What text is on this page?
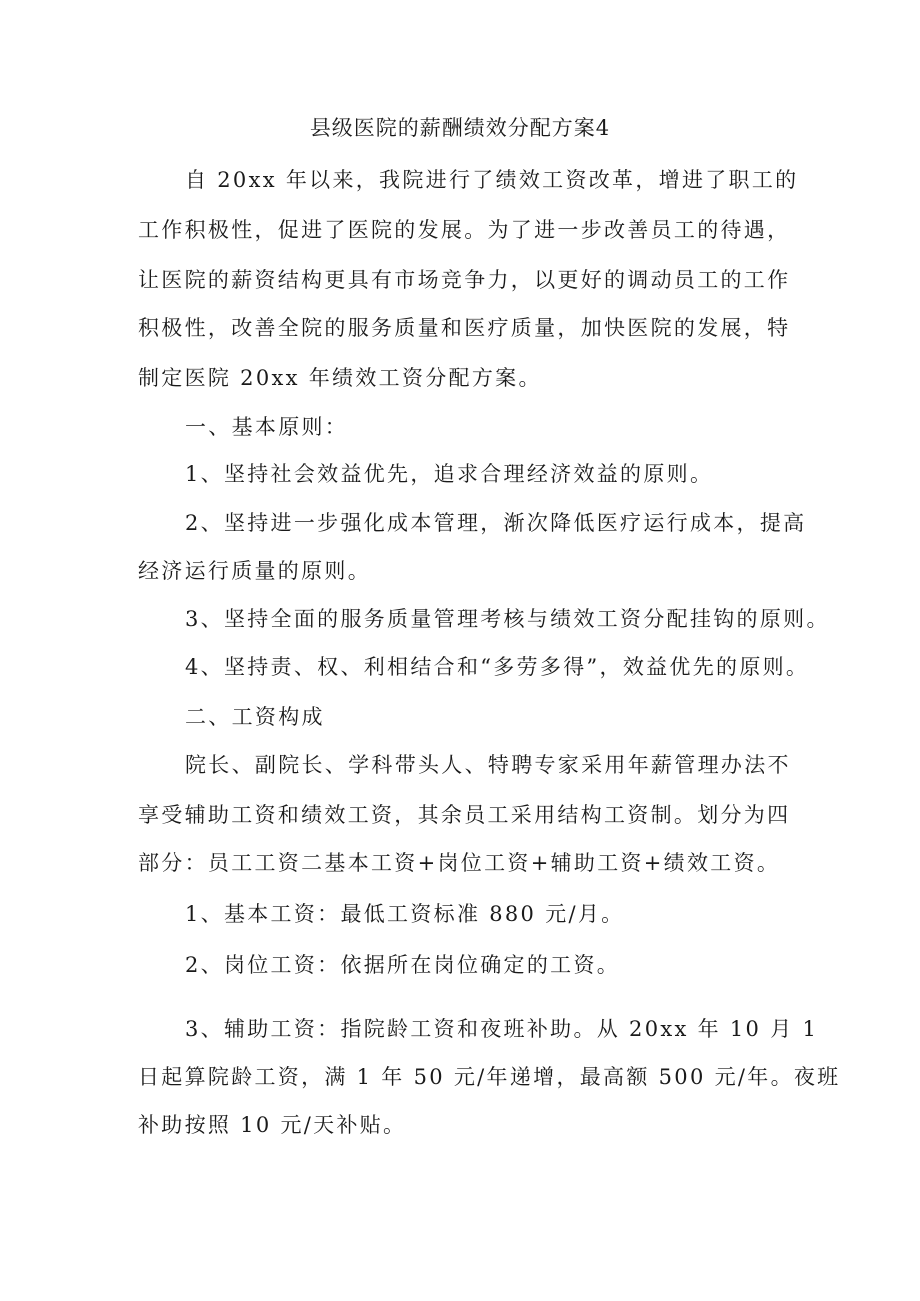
县级医院的薪酬绩效分配方案4
自 20xx 年以来，我院进行了绩效工资改革，增进了职工的
工作积极性，促进了医院的发展。为了进一步改善员工的待遇，
让医院的薪资结构更具有市场竞争力，以更好的调动员工的工作
积极性，改善全院的服务质量和医疗质量，加快医院的发展，特
制定医院 20xx 年绩效工资分配方案。
一、基本原则：
1、坚持社会效益优先，追求合理经济效益的原则。
2、坚持进一步强化成本管理，渐次降低医疗运行成本，提高
经济运行质量的原则。
3、坚持全面的服务质量管理考核与绩效工资分配挂钩的原则。
4、坚持责、权、利相结合和“多劳多得”，效益优先的原则。
二、工资构成
院长、副院长、学科带头人、特聘专家采用年薪管理办法不
享受辅助工资和绩效工资，其余员工采用结构工资制。划分为四
部分：员工工资二基本工资+岗位工资+辅助工资+绩效工资。
1、基本工资：最低工资标准 880 元/月。
2、岗位工资：依据所在岗位确定的工资。
3、辅助工资：指院龄工资和夜班补助。从 20xx 年 10 月 1
日起算院龄工资，满 1 年 50 元/年递增，最高额 500 元/年。夜班
补助按照 10 元/天补贴。
